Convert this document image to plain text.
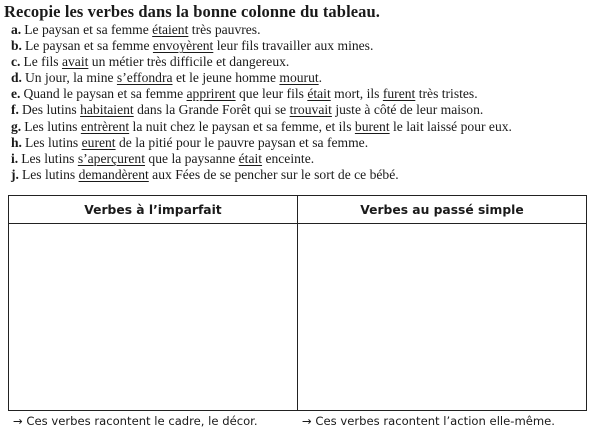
Recopie les verbes dans la bonne colonne du tableau.
a. Le paysan et sa femme étaient très pauvres.
b. Le paysan et sa femme envoyèrent leur fils travailler aux mines.
c. Le fils avait un métier très difficile et dangereux.
d. Un jour, la mine s’effondra et le jeune homme mourut.
e. Quand le paysan et sa femme apprirent que leur fils était mort, ils furent très tristes.
f. Des lutins habitaient dans la Grande Forêt qui se trouvait juste à côté de leur maison.
g. Les lutins entrèrent la nuit chez le paysan et sa femme, et ils burent le lait laissé pour eux.
h. Les lutins eurent de la pitié pour le pauvre paysan et sa femme.
i. Les lutins s’aperçurent que la paysanne était enceinte.
j. Les lutins demandèrent aux Fées de se pencher sur le sort de ce bébé.
Verbes à l’imparfait	Verbes au passé simple

→ Ces verbes racontent le cadre, le décor.	→ Ces verbes racontent l’action elle-même.
